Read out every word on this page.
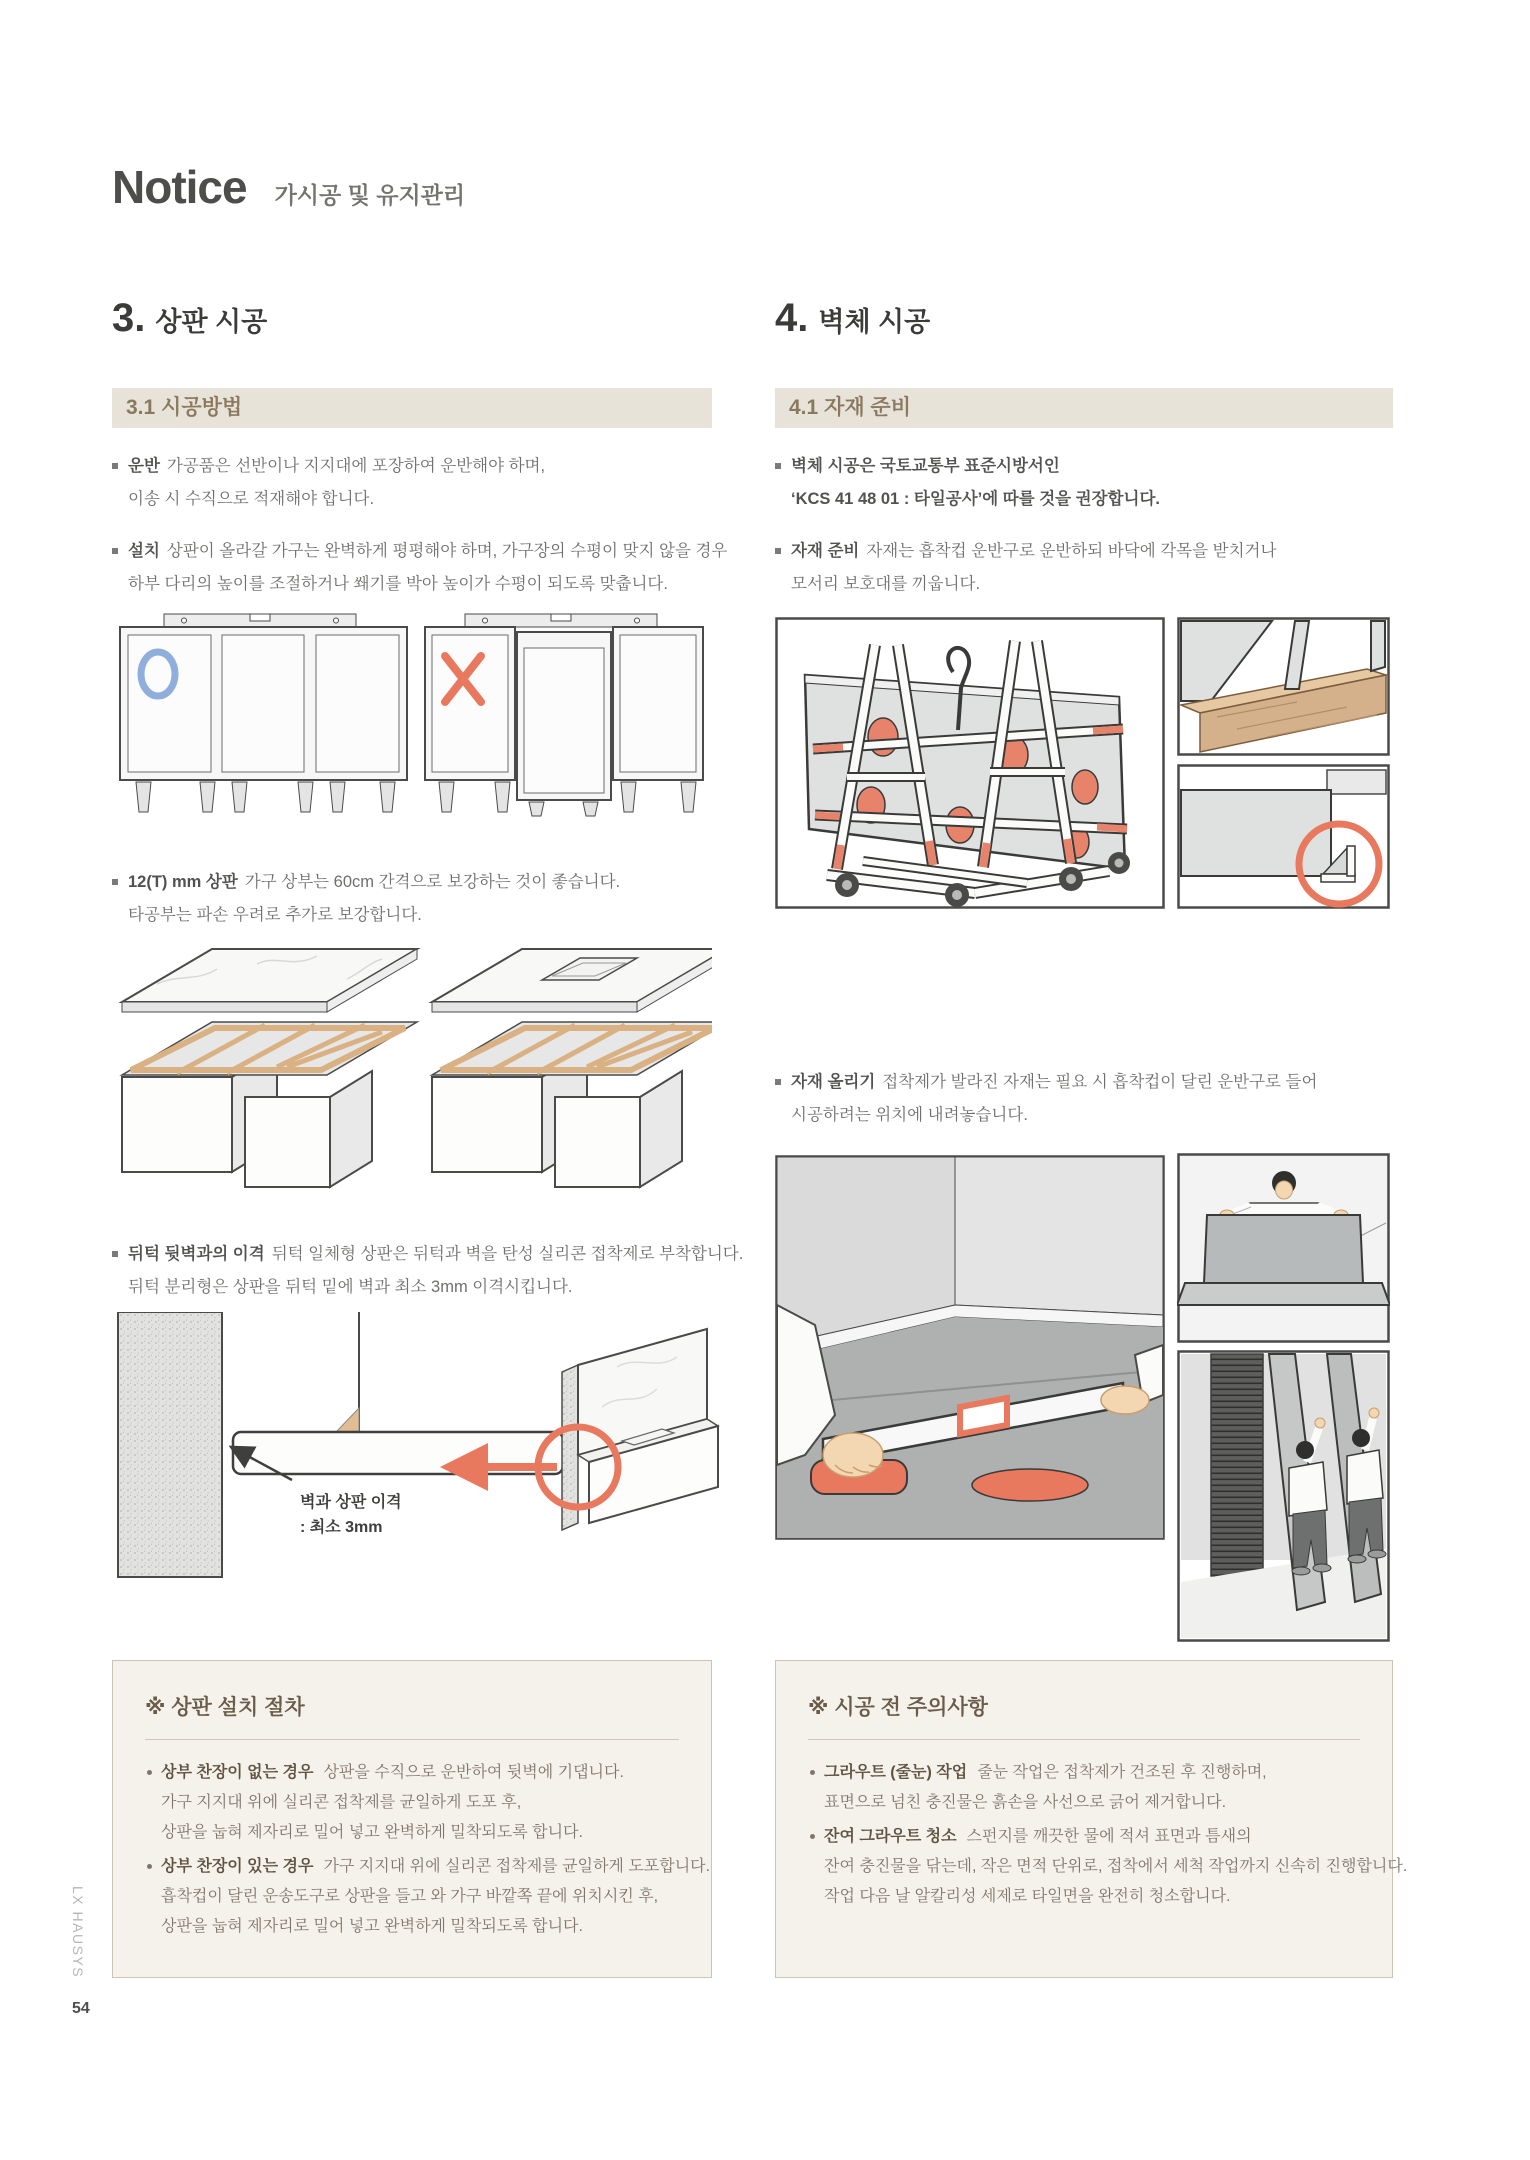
Notice 가시공 및 유지관리
3. 상판 시공
3.1 시공방법
4. 벽체 시공
4.1 자재 준비
운반 가공품은 선반이나 지지대에 포장하여 운반해야 하며,
이송 시 수직으로 적재해야 합니다.
설치 상판이 올라갈 가구는 완벽하게 평평해야 하며, 가구장의 수평이 맞지 않을 경우
하부 다리의 높이를 조절하거나 쐐기를 박아 높이가 수평이 되도록 맞춥니다.
12(T) mm 상판 가구 상부는 60cm 간격으로 보강하는 것이 좋습니다.
타공부는 파손 우려로 추가로 보강합니다.
뒤턱 뒷벽과의 이격 뒤턱 일체형 상판은 뒤턱과 벽을 탄성 실리콘 접착제로 부착합니다.
뒤턱 분리형은 상판을 뒤턱 밑에 벽과 최소 3mm 이격시킵니다.
벽체 시공은 국토교통부 표준시방서인
‘KCS 41 48 01 : 타일공사’에 따를 것을 권장합니다.
자재 준비 자재는 흡착컵 운반구로 운반하되 바닥에 각목을 받치거나
모서리 보호대를 끼웁니다.
자재 올리기 접착제가 발라진 자재는 필요 시 흡착컵이 달린 운반구로 들어
시공하려는 위치에 내려놓습니다.
벽과 상판 이격
: 최소 3mm
※ 상판 설치 절차
상부 찬장이 없는 경우 상판을 수직으로 운반하여 뒷벽에 기댑니다.
가구 지지대 위에 실리콘 접착제를 균일하게 도포 후,
상판을 눕혀 제자리로 밀어 넣고 완벽하게 밀착되도록 합니다.
상부 찬장이 있는 경우 가구 지지대 위에 실리콘 접착제를 균일하게 도포합니다.
흡착컵이 달린 운송도구로 상판을 들고 와 가구 바깥쪽 끝에 위치시킨 후,
상판을 눕혀 제자리로 밀어 넣고 완벽하게 밀착되도록 합니다.
※ 시공 전 주의사항
그라우트 (줄눈) 작업 줄눈 작업은 접착제가 건조된 후 진행하며,
표면으로 넘친 충진물은 흙손을 사선으로 긁어 제거합니다.
잔여 그라우트 청소 스펀지를 깨끗한 물에 적셔 표면과 틈새의
잔여 충진물을 닦는데, 작은 면적 단위로, 접착에서 세척 작업까지 신속히 진행합니다.
작업 다음 날 알칼리성 세제로 타일면을 완전히 청소합니다.
LX HAUSYS
54
